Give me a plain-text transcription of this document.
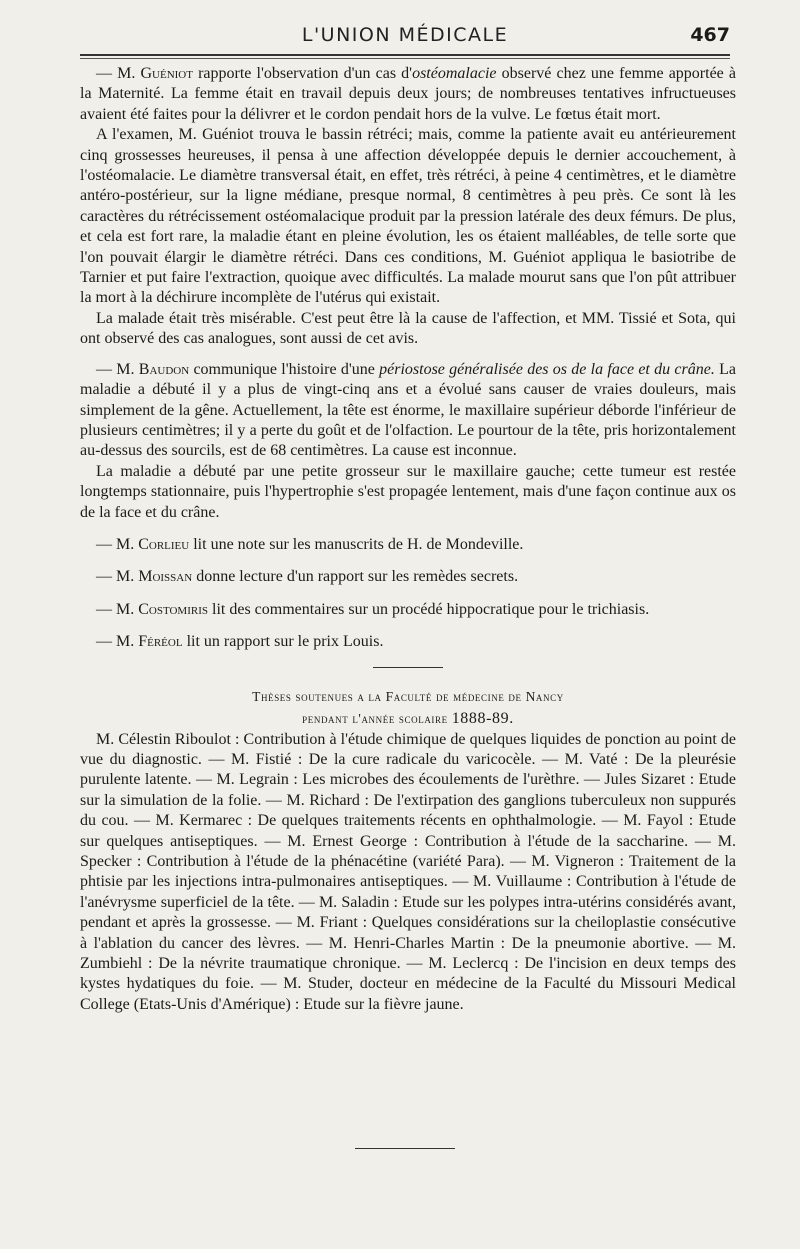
L'UNION MÉDICALE	467

— M. Guéniot rapporte l'observation d'un cas d'ostéomalacie observé chez une femme apportée à la Maternité. La femme était en travail depuis deux jours; de nombreuses tentatives infructueuses avaient été faites pour la délivrer et le cordon pendait hors de la vulve. Le fœtus était mort.

A l'examen, M. Guéniot trouva le bassin rétréci; mais, comme la patiente avait eu antérieurement cinq grossesses heureuses, il pensa à une affection développée depuis le dernier accouchement, à l'ostéomalacie. Le diamètre transversal était, en effet, très rétréci, à peine 4 centimètres, et le diamètre antéro-postérieur, sur la ligne médiane, presque normal, 8 centimètres à peu près. Ce sont là les caractères du rétrécissement ostéomalacique produit par la pression latérale des deux fémurs. De plus, et cela est fort rare, la maladie étant en pleine évolution, les os étaient malléables, de telle sorte que l'on pouvait élargir le diamètre rétréci. Dans ces conditions, M. Guéniot appliqua le basiotribe de Tarnier et put faire l'extraction, quoique avec difficultés. La malade mourut sans que l'on pût attribuer la mort à la déchirure incomplète de l'utérus qui existait.

La malade était très misérable. C'est peut être là la cause de l'affection, et MM. Tissié et Sota, qui ont observé des cas analogues, sont aussi de cet avis.

— M. Baudon communique l'histoire d'une périostose généralisée des os de la face et du crâne. La maladie a débuté il y a plus de vingt-cinq ans et a évolué sans causer de vraies douleurs, mais simplement de la gêne. Actuellement, la tête est énorme, le maxillaire supérieur déborde l'inférieur de plusieurs centimètres; il y a perte du goût et de l'olfaction. Le pourtour de la tête, pris horizontalement au-dessus des sourcils, est de 68 centimètres. La cause est inconnue.

La maladie a débuté par une petite grosseur sur le maxillaire gauche; cette tumeur est restée longtemps stationnaire, puis l'hypertrophie s'est propagée lentement, mais d'une façon continue aux os de la face et du crâne.

— M. Corlieu lit une note sur les manuscrits de H. de Mondeville.

— M. Moissan donne lecture d'un rapport sur les remèdes secrets.

— M. Costomiris lit des commentaires sur un procédé hippocratique pour le trichiasis.

— M. Féréol lit un rapport sur le prix Louis.

Thèses soutenues a la Faculté de médecine de Nancy
pendant l'année scolaire 1888-89.

M. Célestin Riboulot : Contribution à l'étude chimique de quelques liquides de ponction au point de vue du diagnostic. — M. Fistié : De la cure radicale du varicocèle. — M. Vaté : De la pleurésie purulente latente. — M. Legrain : Les microbes des écoulements de l'urèthre. — Jules Sizaret : Etude sur la simulation de la folie. — M. Richard : De l'extirpation des ganglions tuberculeux non suppurés du cou. — M. Kermarec : De quelques traitements récents en ophthalmologie. — M. Fayol : Etude sur quelques antiseptiques. — M. Ernest George : Contribution à l'étude de la saccharine. — M. Specker : Contribution à l'étude de la phénacétine (variété Para). — M. Vigneron : Traitement de la phtisie par les injections intra-pulmonaires antiseptiques. — M. Vuillaume : Contribution à l'étude de l'anévrysme superficiel de la tête. — M. Saladin : Etude sur les polypes intra-utérins considérés avant, pendant et après la grossesse. — M. Friant : Quelques considérations sur la cheiloplastie consécutive à l'ablation du cancer des lèvres. — M. Henri-Charles Martin : De la pneumonie abortive. — M. Zumbiehl : De la névrite traumatique chronique. — M. Leclercq : De l'incision en deux temps des kystes hydatiques du foie. — M. Studer, docteur en médecine de la Faculté du Missouri Medical College (Etats-Unis d'Amérique) : Etude sur la fièvre jaune.
